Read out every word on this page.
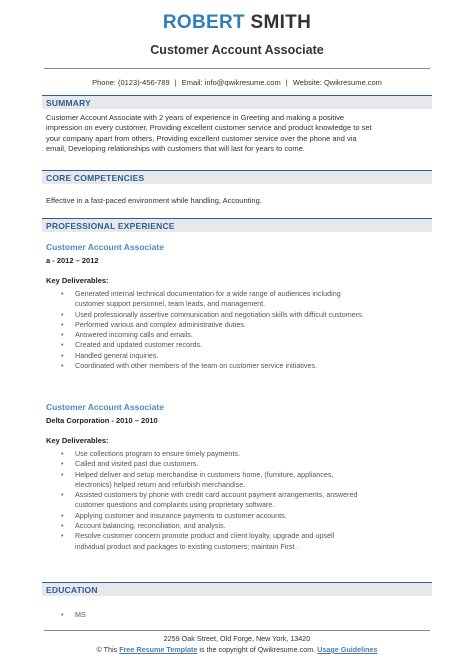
ROBERT SMITH
Customer Account Associate
Phone: (0123)-456-789 | Email: info@qwikresume.com | Website: Qwikresume.com
SUMMARY
Customer Account Associate with 2 years of experience in Greeting and making a positive
impression on every customer, Providing excellent customer service and product knowledge to set
your company apart from others, Providing excellent customer service over the phone and via
email, Developing relationships with customers that will last for years to come.
CORE COMPETENCIES
Effective in a fast-paced environment while handling, Accounting.
PROFESSIONAL EXPERIENCE
Customer Account Associate
a - 2012 – 2012
Key Deliverables:
• Generated internal technical documentation for a wide range of audiences including
customer support personnel, team leads, and management.
• Used professionally assertive communication and negotiation skills with difficult customers.
• Performed various and complex administrative duties.
• Answered incoming calls and emails.
• Created and updated customer records.
• Handled general inquiries.
• Coordinated with other members of the team on customer service initiatives.
Customer Account Associate
Delta Corporation - 2010 – 2010
Key Deliverables:
• Use collections program to ensure timely payments.
• Called and visited past due customers.
• Helped deliver and setup merchandise in customers home, (furniture, appliances,
electronics) helped return and refurbish merchandise.
• Assisted customers by phone with credit card account payment arrangements, answered
customer questions and complaints using proprietary software.
• Applying customer and insurance payments to customer accounts.
• Account balancing, reconciliation, and analysis.
• Resolve customer concern promote product and client loyalty, upgrade and upsell
individual product and packages to existing customers; maintain First .
EDUCATION
• MS
2259 Oak Street, Old Forge, New York, 13420
© This Free Resume Template is the copyright of Qwikresume.com. Usage Guidelines
